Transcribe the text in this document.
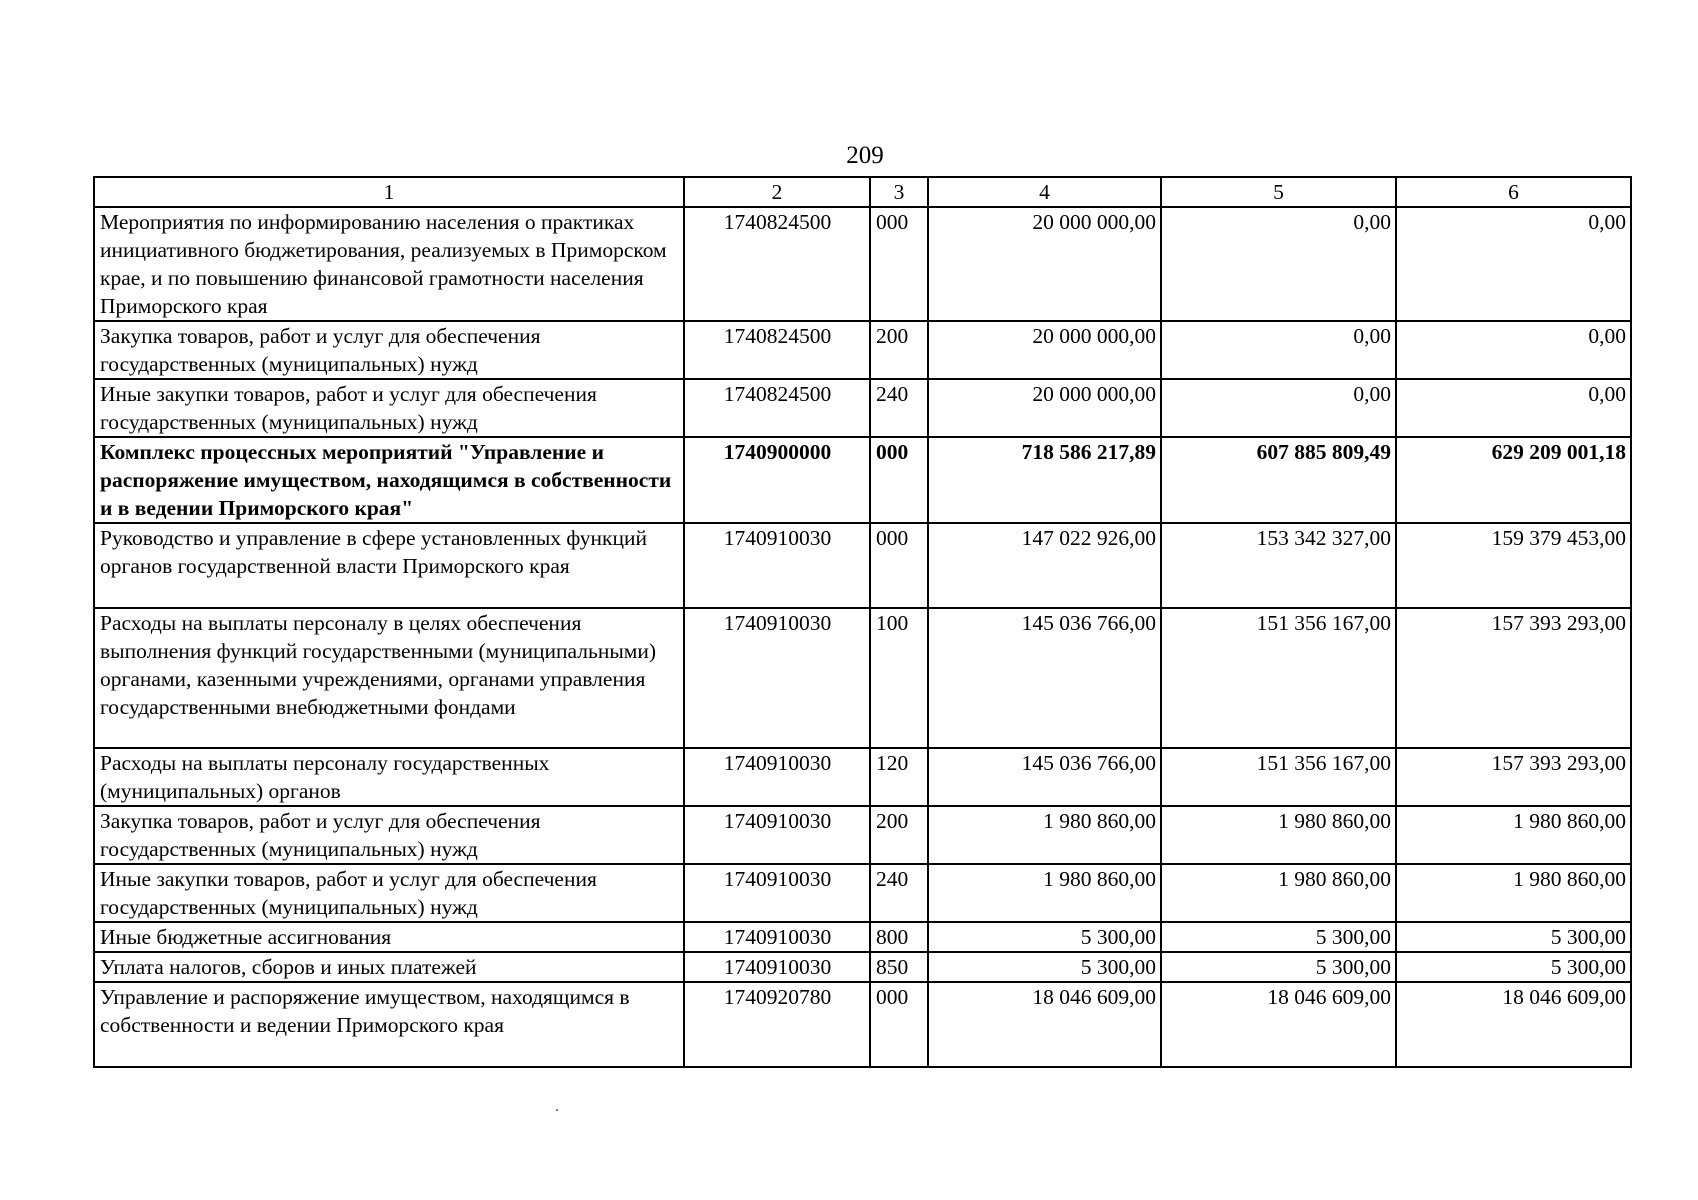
209
1	2	3	4	5	6
Мероприятия по информированию населения о практиках инициативного бюджетирования, реализуемых в Приморском крае, и по повышению финансовой грамотности населения Приморского края	1740824500	000	20 000 000,00	0,00	0,00
Закупка товаров, работ и услуг для обеспечения государственных (муниципальных) нужд	1740824500	200	20 000 000,00	0,00	0,00
Иные закупки товаров, работ и услуг для обеспечения государственных (муниципальных) нужд	1740824500	240	20 000 000,00	0,00	0,00
Комплекс процессных мероприятий "Управление и распоряжение имуществом, находящимся в собственности и в ведении Приморского края"	1740900000	000	718 586 217,89	607 885 809,49	629 209 001,18
Руководство и управление в сфере установленных функций органов государственной власти Приморского края	1740910030	000	147 022 926,00	153 342 327,00	159 379 453,00
Расходы на выплаты персоналу в целях обеспечения выполнения функций государственными (муниципальными) органами, казенными учреждениями, органами управления государственными внебюджетными фондами	1740910030	100	145 036 766,00	151 356 167,00	157 393 293,00
Расходы на выплаты персоналу государственных (муниципальных) органов	1740910030	120	145 036 766,00	151 356 167,00	157 393 293,00
Закупка товаров, работ и услуг для обеспечения государственных (муниципальных) нужд	1740910030	200	1 980 860,00	1 980 860,00	1 980 860,00
Иные закупки товаров, работ и услуг для обеспечения государственных (муниципальных) нужд	1740910030	240	1 980 860,00	1 980 860,00	1 980 860,00
Иные бюджетные ассигнования	1740910030	800	5 300,00	5 300,00	5 300,00
Уплата налогов, сборов и иных платежей	1740910030	850	5 300,00	5 300,00	5 300,00
Управление и распоряжение имуществом, находящимся в собственности и ведении Приморского края	1740920780	000	18 046 609,00	18 046 609,00	18 046 609,00
